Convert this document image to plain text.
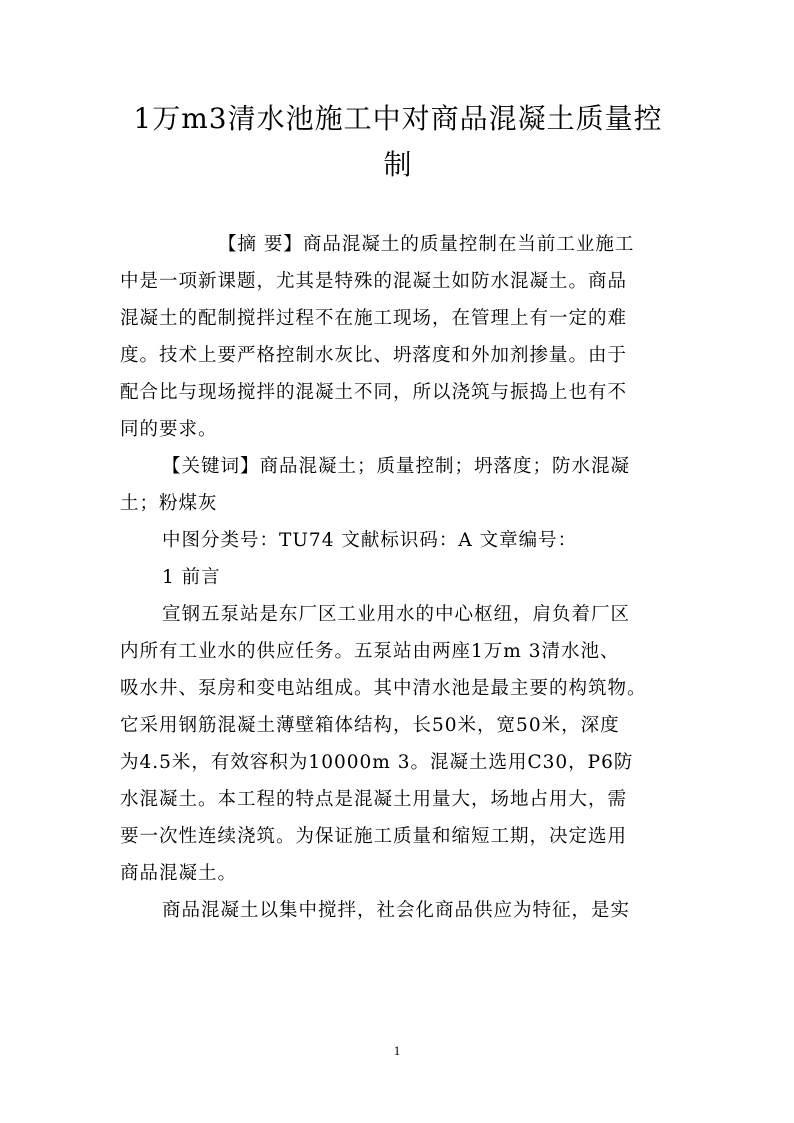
1万m3清水池施工中对商品混凝土质量控
制

【摘 要】商品混凝土的质量控制在当前工业施工
中是一项新课题，尤其是特殊的混凝土如防水混凝土。商品
混凝土的配制搅拌过程不在施工现场，在管理上有一定的难
度。技术上要严格控制水灰比、坍落度和外加剂掺量。由于
配合比与现场搅拌的混凝土不同，所以浇筑与振捣上也有不
同的要求。

【关键词】商品混凝土；质量控制；坍落度；防水混凝
土；粉煤灰

中图分类号：TU74 文献标识码：A 文章编号：

1 前言

宣钢五泵站是东厂区工业用水的中心枢纽，肩负着厂区
内所有工业水的供应任务。五泵站由两座1万m 3清水池、
吸水井、泵房和变电站组成。其中清水池是最主要的构筑物。
它采用钢筋混凝土薄壁箱体结构，长50米，宽50米，深度
为4.5米，有效容积为10000m 3。混凝土选用C30，P6防
水混凝土。本工程的特点是混凝土用量大，场地占用大，需
要一次性连续浇筑。为保证施工质量和缩短工期，决定选用
商品混凝土。

商品混凝土以集中搅拌，社会化商品供应为特征，是实

1
